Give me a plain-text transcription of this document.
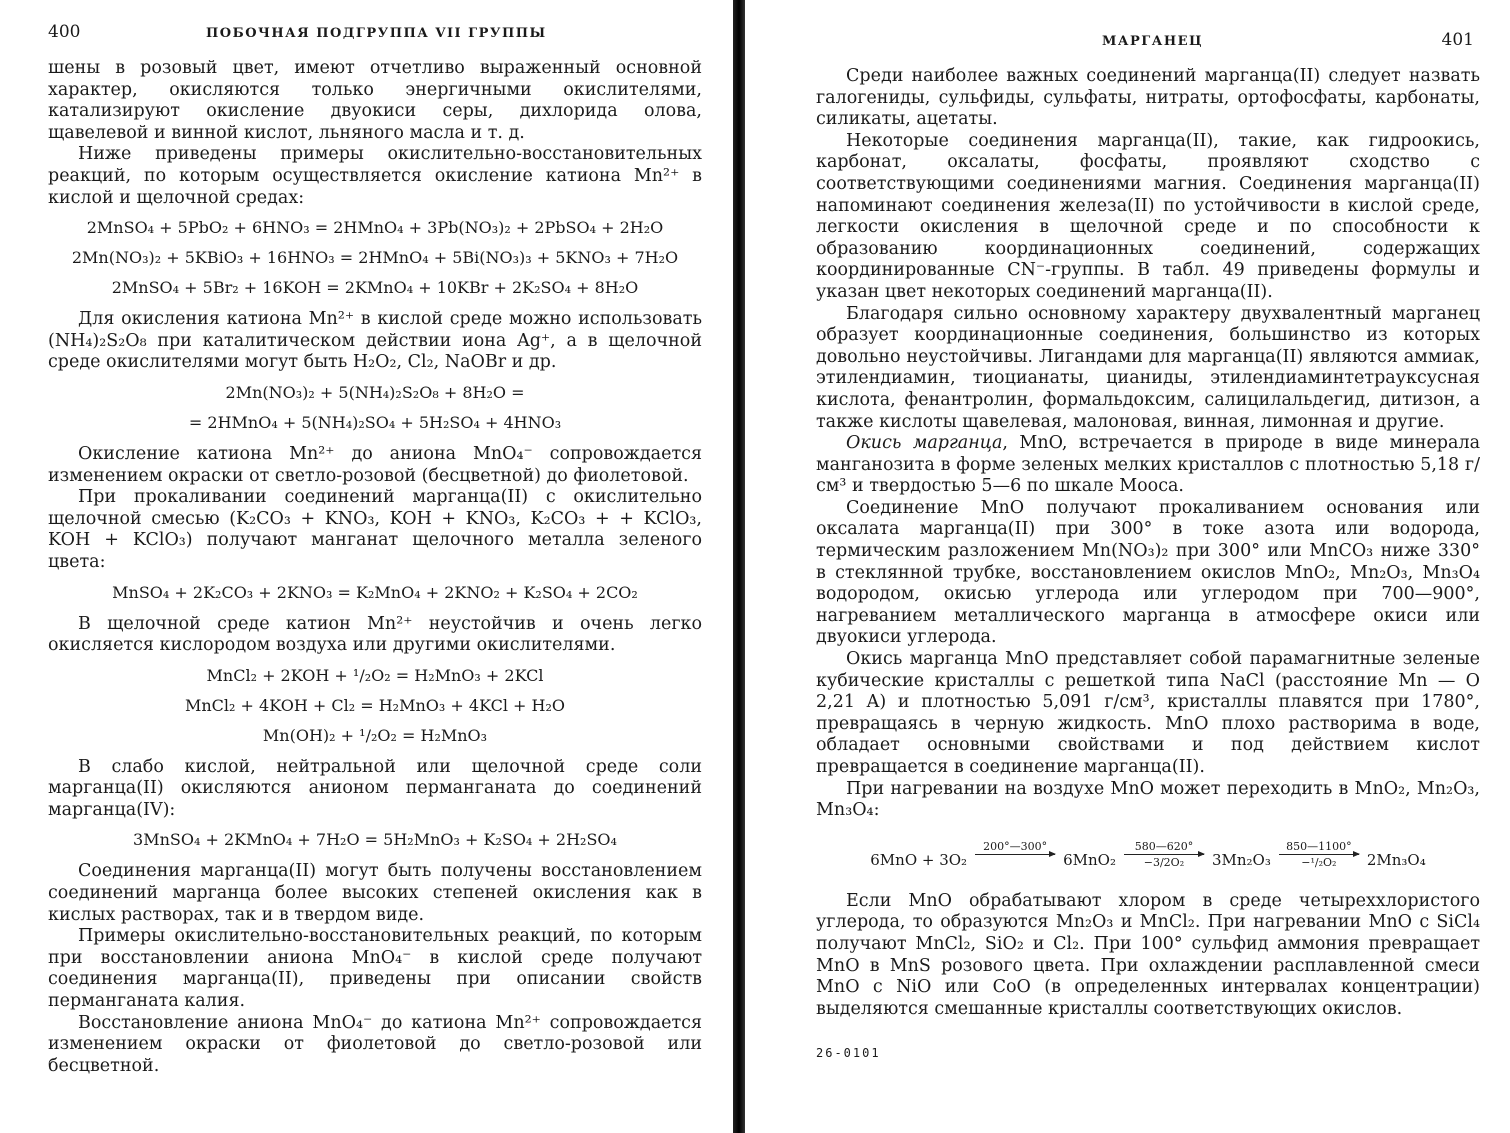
400	ПОБОЧНАЯ ПОДГРУППА VII ГРУППЫ

шены в розовый цвет, имеют отчетливо выраженный основной характер, окисляются только энергичными окислителями, катализируют окисление двуокиси серы, дихлорида олова, щавелевой и винной кислот, льняного масла и т. д.

Ниже приведены примеры окислительно-восстановительных реакций, по которым осуществляется окисление катиона Mn²⁺ в кислой и щелочной средах:

2MnSO₄ + 5PbO₂ + 6HNO₃ = 2HMnO₄ + 3Pb(NO₃)₂ + 2PbSO₄ + 2H₂O
2Mn(NO₃)₂ + 5KBiO₃ + 16HNO₃ = 2HMnO₄ + 5Bi(NO₃)₃ + 5KNO₃ + 7H₂O
2MnSO₄ + 5Br₂ + 16KOH = 2KMnO₄ + 10KBr + 2K₂SO₄ + 8H₂O

Для окисления катиона Mn²⁺ в кислой среде можно использовать (NH₄)₂S₂O₈ при каталитическом действии иона Ag⁺, а в щелочной среде окислителями могут быть H₂O₂, Cl₂, NaOBr и др.

2Mn(NO₃)₂ + 5(NH₄)₂S₂O₈ + 8H₂O =
= 2HMnO₄ + 5(NH₄)₂SO₄ + 5H₂SO₄ + 4HNO₃

Окисление катиона Mn²⁺ до аниона MnO₄⁻ сопровождается изменением окраски от светло-розовой (бесцветной) до фиолетовой.

При прокаливании соединений марганца(II) с окислительно щелочной смесью (K₂CO₃ + KNO₃, KOH + KNO₃, K₂CO₃ + + KClO₃, KOH + KClO₃) получают манганат щелочного металла зеленого цвета:

MnSO₄ + 2K₂CO₃ + 2KNO₃ = K₂MnO₄ + 2KNO₂ + K₂SO₄ + 2CO₂

В щелочной среде катион Mn²⁺ неустойчив и очень легко окисляется кислородом воздуха или другими окислителями.

MnCl₂ + 2KOH + ¹/₂O₂ = H₂MnO₃ + 2KCl
MnCl₂ + 4KOH + Cl₂ = H₂MnO₃ + 4KCl + H₂O
Mn(OH)₂ + ¹/₂O₂ = H₂MnO₃

В слабо кислой, нейтральной или щелочной среде соли марганца(II) окисляются анионом перманганата до соединений марганца(IV):

3MnSO₄ + 2KMnO₄ + 7H₂O = 5H₂MnO₃ + K₂SO₄ + 2H₂SO₄

Соединения марганца(II) могут быть получены восстановлением соединений марганца более высоких степеней окисления как в кислых растворах, так и в твердом виде.

Примеры окислительно-восстановительных реакций, по которым при восстановлении аниона MnO₄⁻ в кислой среде получают соединения марганца(II), приведены при описании свойств перманганата калия.

Восстановление аниона MnO₄⁻ до катиона Mn²⁺ сопровождается изменением окраски от фиолетовой до светло-розовой или бесцветной.

МАРГАНЕЦ	401

Среди наиболее важных соединений марганца(II) следует назвать галогениды, сульфиды, сульфаты, нитраты, ортофосфаты, карбонаты, силикаты, ацетаты.

Некоторые соединения марганца(II), такие, как гидроокись, карбонат, оксалаты, фосфаты, проявляют сходство с соответствующими соединениями магния. Соединения марганца(II) напоминают соединения железа(II) по устойчивости в кислой среде, легкости окисления в щелочной среде и по способности к образованию координационных соединений, содержащих координированные CN⁻-группы. В табл. 49 приведены формулы и указан цвет некоторых соединений марганца(II).

Благодаря сильно основному характеру двухвалентный марганец образует координационные соединения, большинство из которых довольно неустойчивы. Лигандами для марганца(II) являются аммиак, этилендиамин, тиоцианаты, цианиды, этилендиаминтетрауксусная кислота, фенантролин, формальдоксим, салицилальдегид, дитизон, а также кислоты щавелевая, малоновая, винная, лимонная и другие.

Окись марганца, MnO, встречается в природе в виде минерала манганозита в форме зеленых мелких кристаллов с плотностью 5,18 г/см³ и твердостью 5—6 по шкале Мооса.

Соединение MnO получают прокаливанием основания или оксалата марганца(II) при 300° в токе азота или водорода, термическим разложением Mn(NO₃)₂ при 300° или MnCO₃ ниже 330° в стеклянной трубке, восстановлением окислов MnO₂, Mn₂O₃, Mn₃O₄ водородом, окисью углерода или углеродом при 700—900°, нагреванием металлического марганца в атмосфере окиси или двуокиси углерода.

Окись марганца MnO представляет собой парамагнитные зеленые кубические кристаллы с решеткой типа NaCl (расстояние Mn — O 2,21 A) и плотностью 5,091 г/см³, кристаллы плавятся при 1780°, превращаясь в черную жидкость. MnO плохо растворима в воде, обладает основными свойствами и под действием кислот превращается в соединение марганца(II).

При нагревании на воздухе MnO может переходить в MnO₂, Mn₂O₃, Mn₃O₄:

6MnO + 3O₂
200°—300°

6MnO₂
580—620°
−3/2O₂ 3Mn₂O₃
850—1100°
−¹/₂O₂ 2Mn₃O₄

Если MnO обрабатывают хлором в среде четыреххлористого углерода, то образуются Mn₂O₃ и MnCl₂. При нагревании MnO с SiCl₄ получают MnCl₂, SiO₂ и Cl₂. При 100° сульфид аммония превращает MnO в MnS розового цвета. При охлаждении расплавленной смеси MnO с NiO или CoO (в определенных интервалах концентрации) выделяются смешанные кристаллы соответствующих окислов.

26-0101
